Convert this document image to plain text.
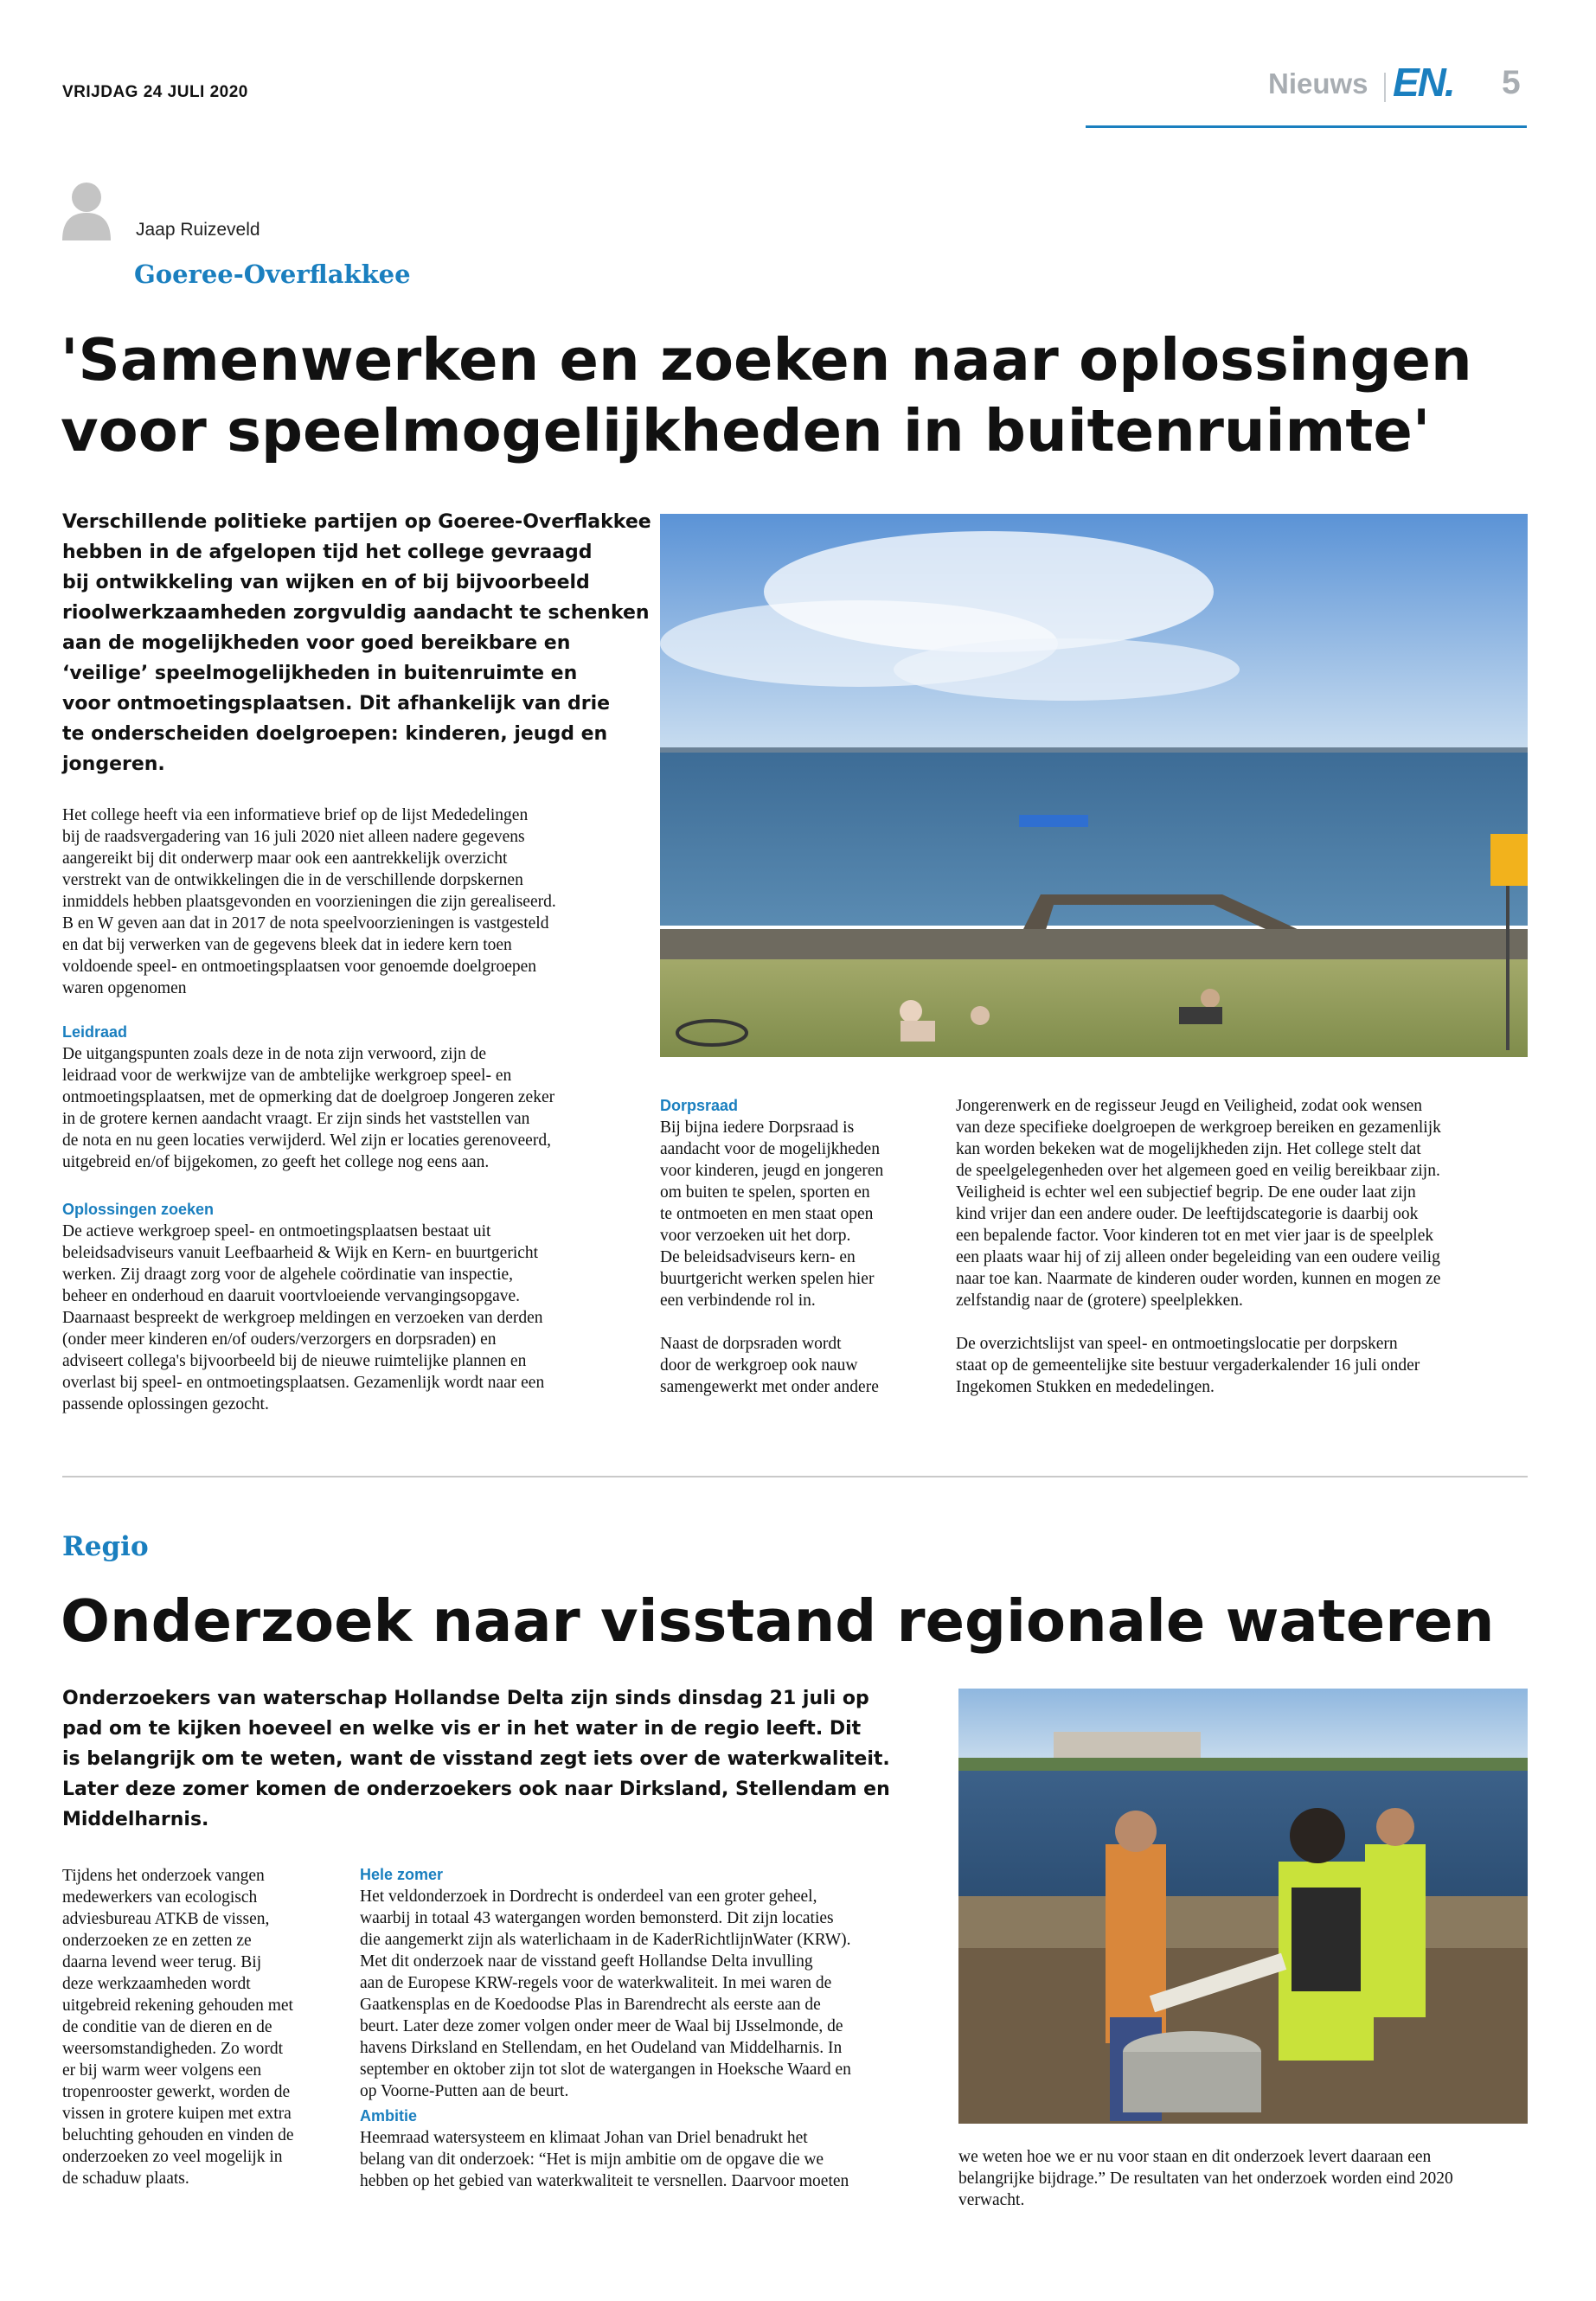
VRIJDAG 24 JULI 2020	Nieuws EN. 5
Jaap Ruizeveld
Goeree-Overflakkee
'Samenwerken en zoeken naar oplossingen
voor speelmogelijkheden in buitenruimte'
Verschillende politieke partijen op Goeree-Overflakkee
hebben in de afgelopen tijd het college gevraagd
bij ontwikkeling van wijken en of bij bijvoorbeeld
rioolwerkzaamheden zorgvuldig aandacht te schenken
aan de mogelijkheden voor goed bereikbare en
‘veilige’ speelmogelijkheden in buitenruimte en
voor ontmoetingsplaatsen. Dit afhankelijk van drie
te onderscheiden doelgroepen: kinderen, jeugd en
jongeren.
Het college heeft via een informatieve brief op de lijst Mededelingen
bij de raadsvergadering van 16 juli 2020 niet alleen nadere gegevens
aangereikt bij dit onderwerp maar ook een aantrekkelijk overzicht
verstrekt van de ontwikkelingen die in de verschillende dorpskernen
inmiddels hebben plaatsgevonden en voorzieningen die zijn gerealiseerd.
B en W geven aan dat in 2017 de nota speelvoorzieningen is vastgesteld
en dat bij verwerken van de gegevens bleek dat in iedere kern toen
voldoende speel- en ontmoetingsplaatsen voor genoemde doelgroepen
waren opgenomen
Leidraad
De uitgangspunten zoals deze in de nota zijn verwoord, zijn de
leidraad voor de werkwijze van de ambtelijke werkgroep speel- en
ontmoetingsplaatsen, met de opmerking dat de doelgroep Jongeren zeker
in de grotere kernen aandacht vraagt. Er zijn sinds het vaststellen van
de nota en nu geen locaties verwijderd. Wel zijn er locaties gerenoveerd,
uitgebreid en/of bijgekomen, zo geeft het college nog eens aan.
Oplossingen zoeken
De actieve werkgroep speel- en ontmoetingsplaatsen bestaat uit
beleidsadviseurs vanuit Leefbaarheid & Wijk en Kern- en buurtgericht
werken. Zij draagt zorg voor de algehele coördinatie van inspectie,
beheer en onderhoud en daaruit voortvloeiende vervangingsopgave.
Daarnaast bespreekt de werkgroep meldingen en verzoeken van derden
(onder meer kinderen en/of ouders/verzorgers en dorpsraden) en
adviseert collega's bijvoorbeeld bij de nieuwe ruimtelijke plannen en
overlast bij speel- en ontmoetingsplaatsen. Gezamenlijk wordt naar een
passende oplossingen gezocht.
Dorpsraad
Bij bijna iedere Dorpsraad is
aandacht voor de mogelijkheden
voor kinderen, jeugd en jongeren
om buiten te spelen, sporten en
te ontmoeten en men staat open
voor verzoeken uit het dorp.
De beleidsadviseurs kern- en
buurtgericht werken spelen hier
een verbindende rol in.
Naast de dorpsraden wordt
door de werkgroep ook nauw
samengewerkt met onder andere
Jongerenwerk en de regisseur Jeugd en Veiligheid, zodat ook wensen
van deze specifieke doelgroepen de werkgroep bereiken en gezamenlijk
kan worden bekeken wat de mogelijkheden zijn. Het college stelt dat
de speelgelegenheden over het algemeen goed en veilig bereikbaar zijn.
Veiligheid is echter wel een subjectief begrip. De ene ouder laat zijn
kind vrijer dan een andere ouder. De leeftijdscategorie is daarbij ook
een bepalende factor. Voor kinderen tot en met vier jaar is de speelplek
een plaats waar hij of zij alleen onder begeleiding van een oudere veilig
naar toe kan. Naarmate de kinderen ouder worden, kunnen en mogen ze
zelfstandig naar de (grotere) speelplekken.
De overzichtslijst van speel- en ontmoetingslocatie per dorpskern
staat op de gemeentelijke site bestuur vergaderkalender 16 juli onder
Ingekomen Stukken en mededelingen.
Regio
Onderzoek naar visstand regionale wateren
Onderzoekers van waterschap Hollandse Delta zijn sinds dinsdag 21 juli op
pad om te kijken hoeveel en welke vis er in het water in de regio leeft. Dit
is belangrijk om te weten, want de visstand zegt iets over de waterkwaliteit.
Later deze zomer komen de onderzoekers ook naar Dirksland, Stellendam en
Middelharnis.
Tijdens het onderzoek vangen
medewerkers van ecologisch
adviesbureau ATKB de vissen,
onderzoeken ze en zetten ze
daarna levend weer terug. Bij
deze werkzaamheden wordt
uitgebreid rekening gehouden met
de conditie van de dieren en de
weersomstandigheden. Zo wordt
er bij warm weer volgens een
tropenrooster gewerkt, worden de
vissen in grotere kuipen met extra
beluchting gehouden en vinden de
onderzoeken zo veel mogelijk in
de schaduw plaats.
Hele zomer
Het veldonderzoek in Dordrecht is onderdeel van een groter geheel,
waarbij in totaal 43 watergangen worden bemonsterd. Dit zijn locaties
die aangemerkt zijn als waterlichaam in de KaderRichtlijnWater (KRW).
Met dit onderzoek naar de visstand geeft Hollandse Delta invulling
aan de Europese KRW-regels voor de waterkwaliteit. In mei waren de
Gaatkensplas en de Koedoodse Plas in Barendrecht als eerste aan de
beurt. Later deze zomer volgen onder meer de Waal bij IJsselmonde, de
havens Dirksland en Stellendam, en het Oudeland van Middelharnis. In
september en oktober zijn tot slot de watergangen in Hoeksche Waard en
op Voorne-Putten aan de beurt.
Ambitie
Heemraad watersysteem en klimaat Johan van Driel benadrukt het
belang van dit onderzoek: “Het is mijn ambitie om de opgave die we
hebben op het gebied van waterkwaliteit te versnellen. Daarvoor moeten
we weten hoe we er nu voor staan en dit onderzoek levert daaraan een
belangrijke bijdrage.” De resultaten van het onderzoek worden eind 2020
verwacht.
